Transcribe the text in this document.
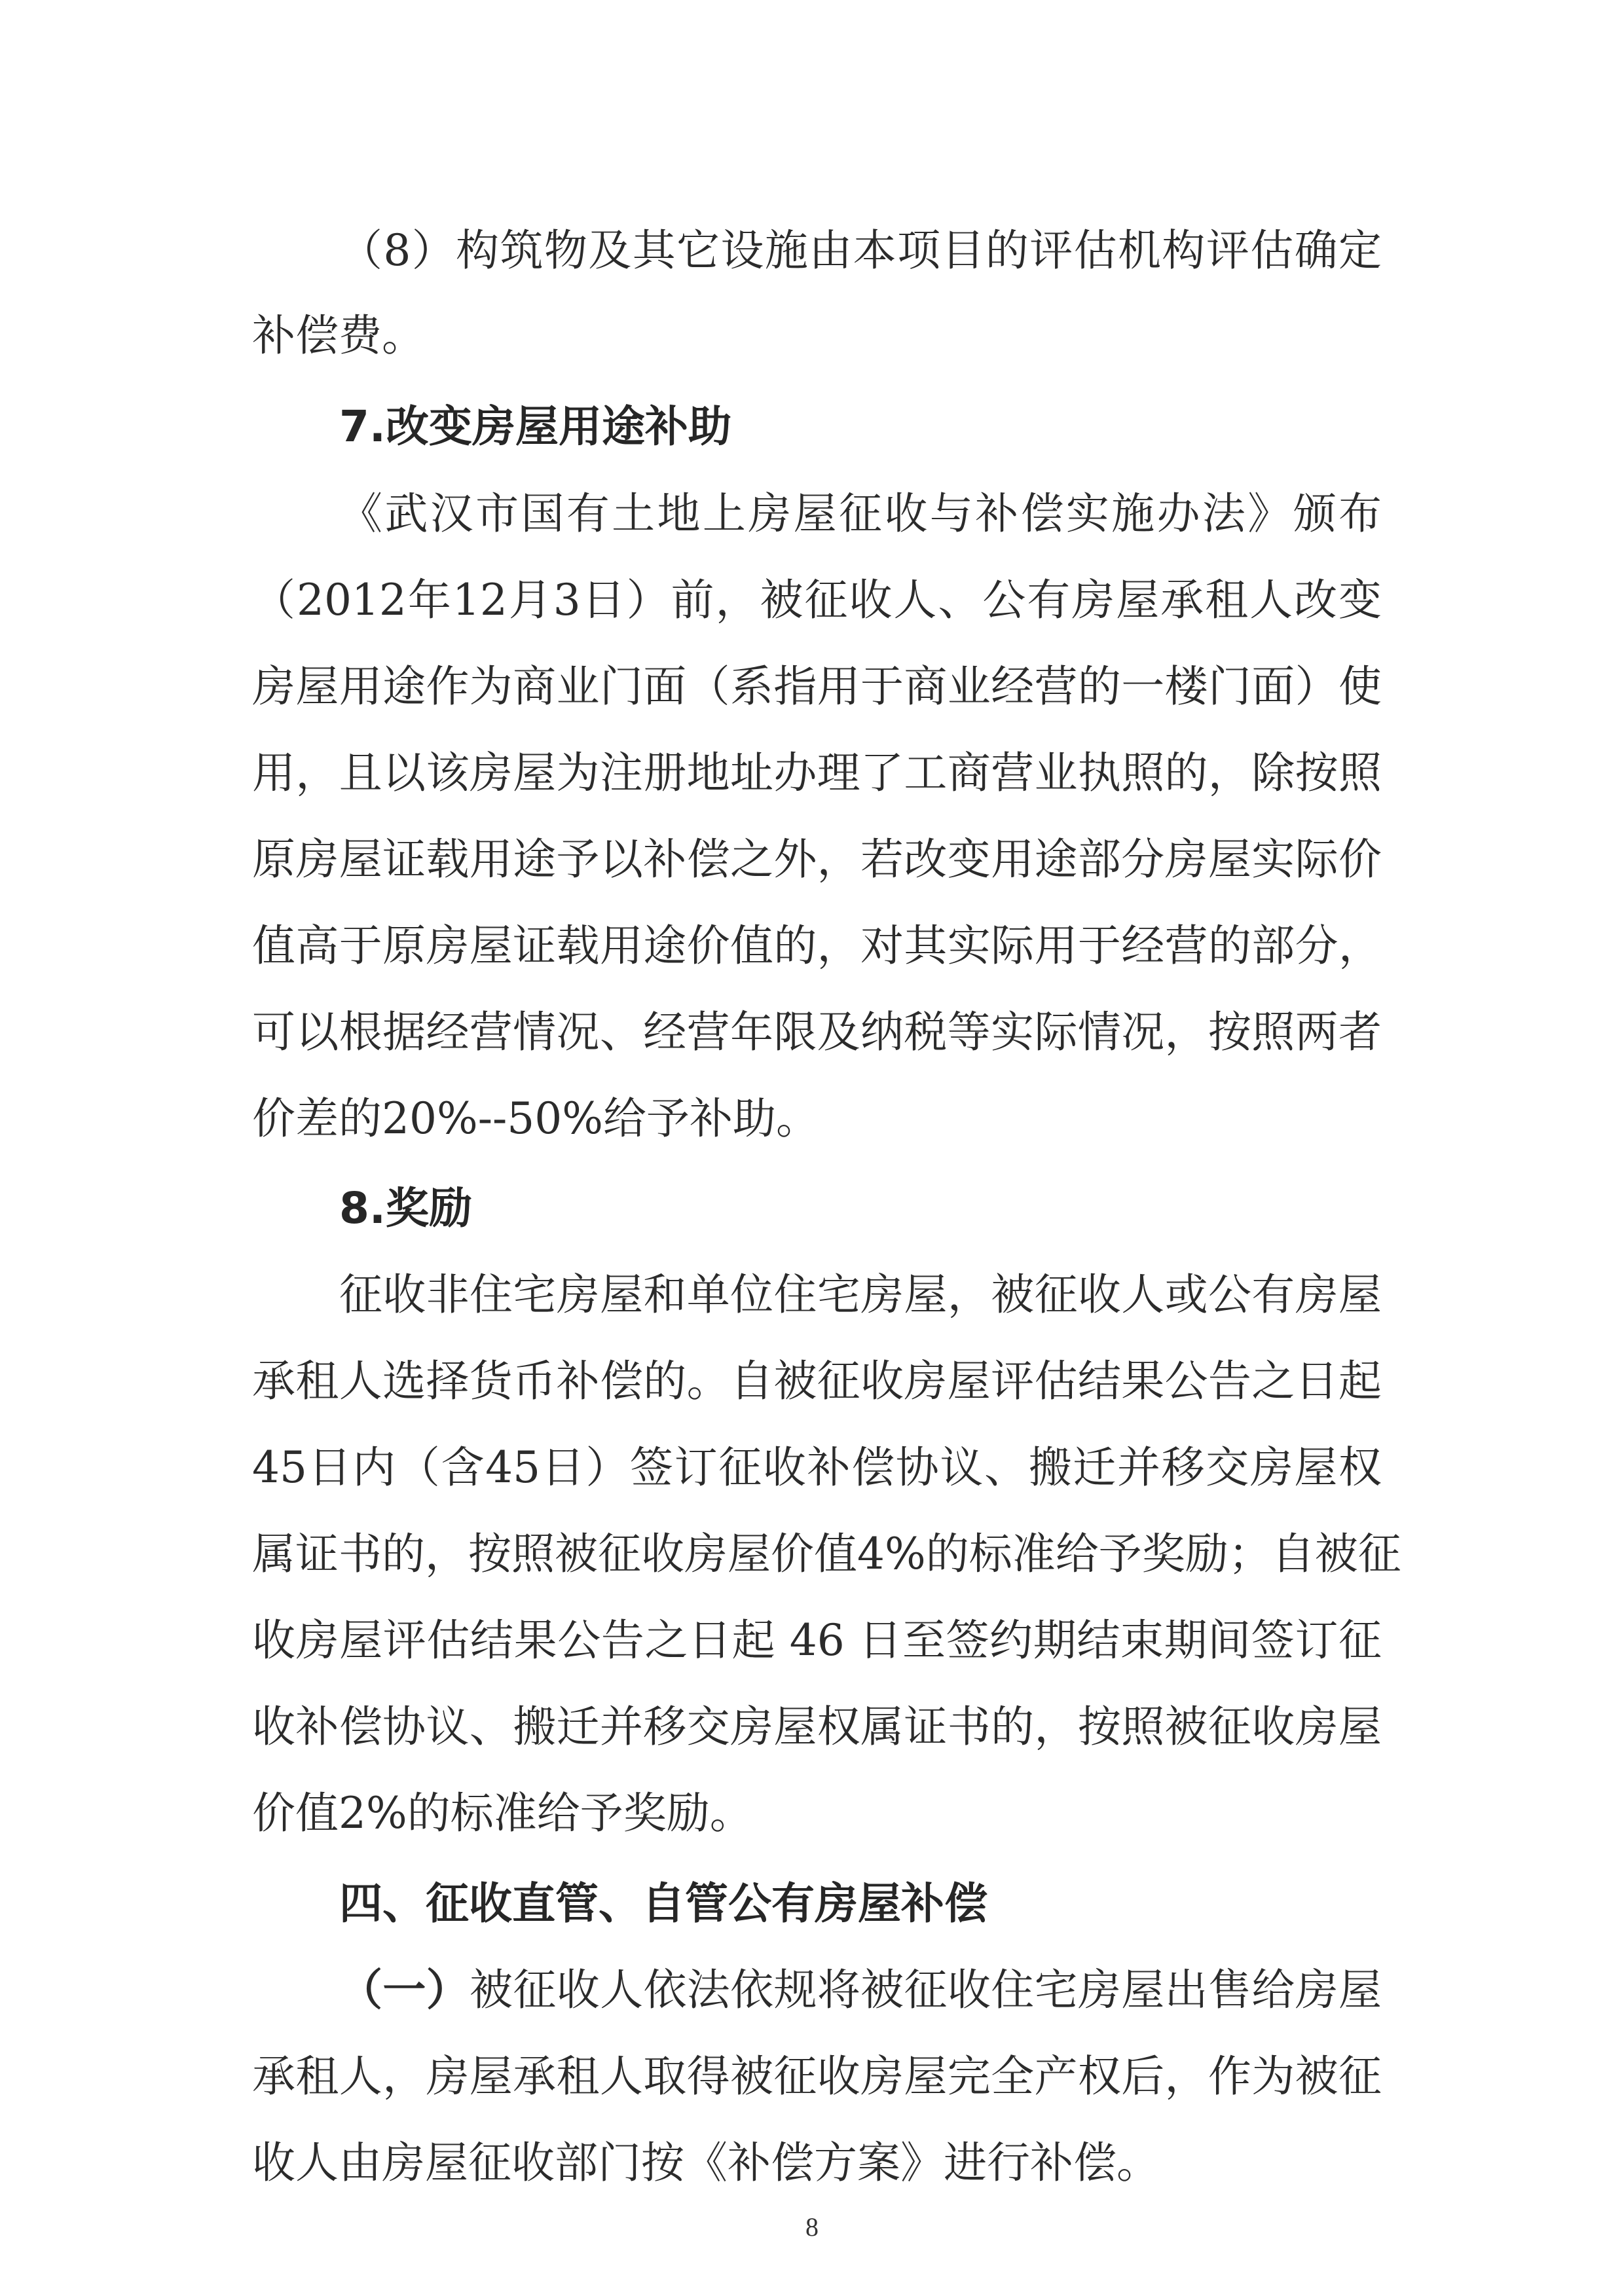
（8）构筑物及其它设施由本项目的评估机构评估确定
补偿费。
7.改变房屋用途补助
《武汉市国有土地上房屋征收与补偿实施办法》颁布
（2012年12月3日）前，被征收人、公有房屋承租人改变
房屋用途作为商业门面（系指用于商业经营的一楼门面）使
用，且以该房屋为注册地址办理了工商营业执照的，除按照
原房屋证载用途予以补偿之外，若改变用途部分房屋实际价
值高于原房屋证载用途价值的，对其实际用于经营的部分，
可以根据经营情况、经营年限及纳税等实际情况，按照两者
价差的20%--50%给予补助。
8.奖励
征收非住宅房屋和单位住宅房屋，被征收人或公有房屋
承租人选择货币补偿的。自被征收房屋评估结果公告之日起
45日内（含45日）签订征收补偿协议、搬迁并移交房屋权
属证书的，按照被征收房屋价值4%的标准给予奖励；自被征
收房屋评估结果公告之日起 46 日至签约期结束期间签订征
收补偿协议、搬迁并移交房屋权属证书的，按照被征收房屋
价值2%的标准给予奖励。
四、征收直管、自管公有房屋补偿
（一）被征收人依法依规将被征收住宅房屋出售给房屋
承租人，房屋承租人取得被征收房屋完全产权后，作为被征
收人由房屋征收部门按《补偿方案》进行补偿。
8
